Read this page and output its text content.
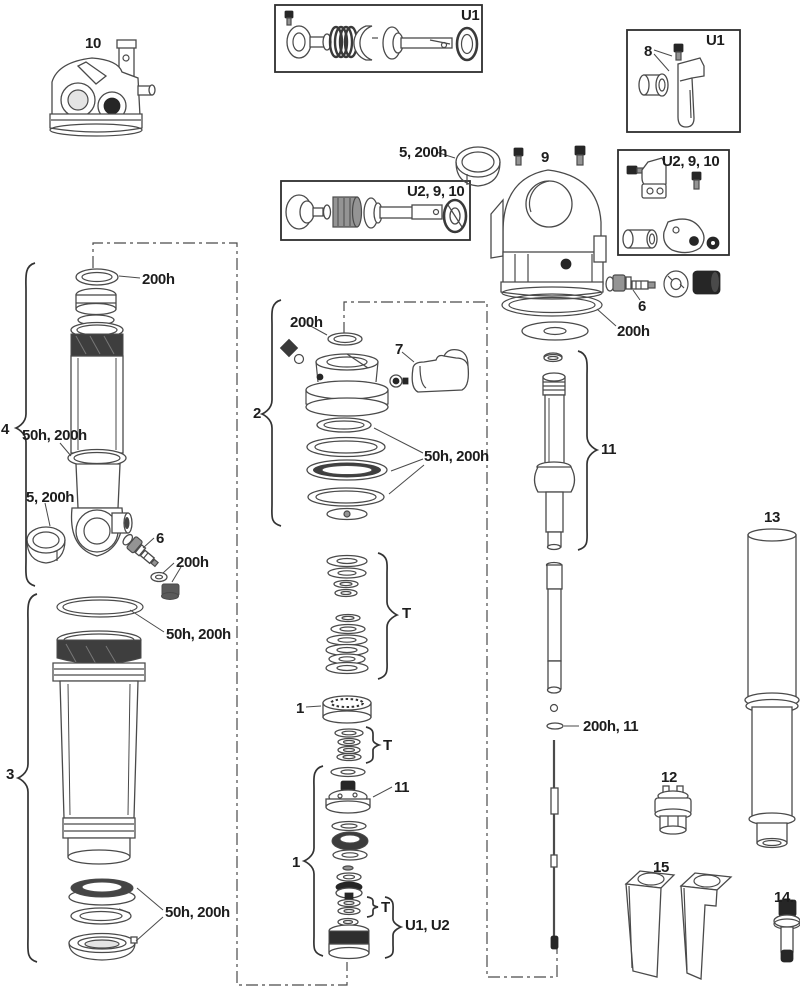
10
U1
U1
8
5, 200h	9
U2, 9, 10
U2, 9, 10
6
200h
200h
4 50h, 200h
5, 200h
6
200h
50h, 200h
3
50h, 200h
200h
2
7
50h, 200h
T
1
T
11
1
T
U1, U2
11
200h, 11
12
13
15
14.
